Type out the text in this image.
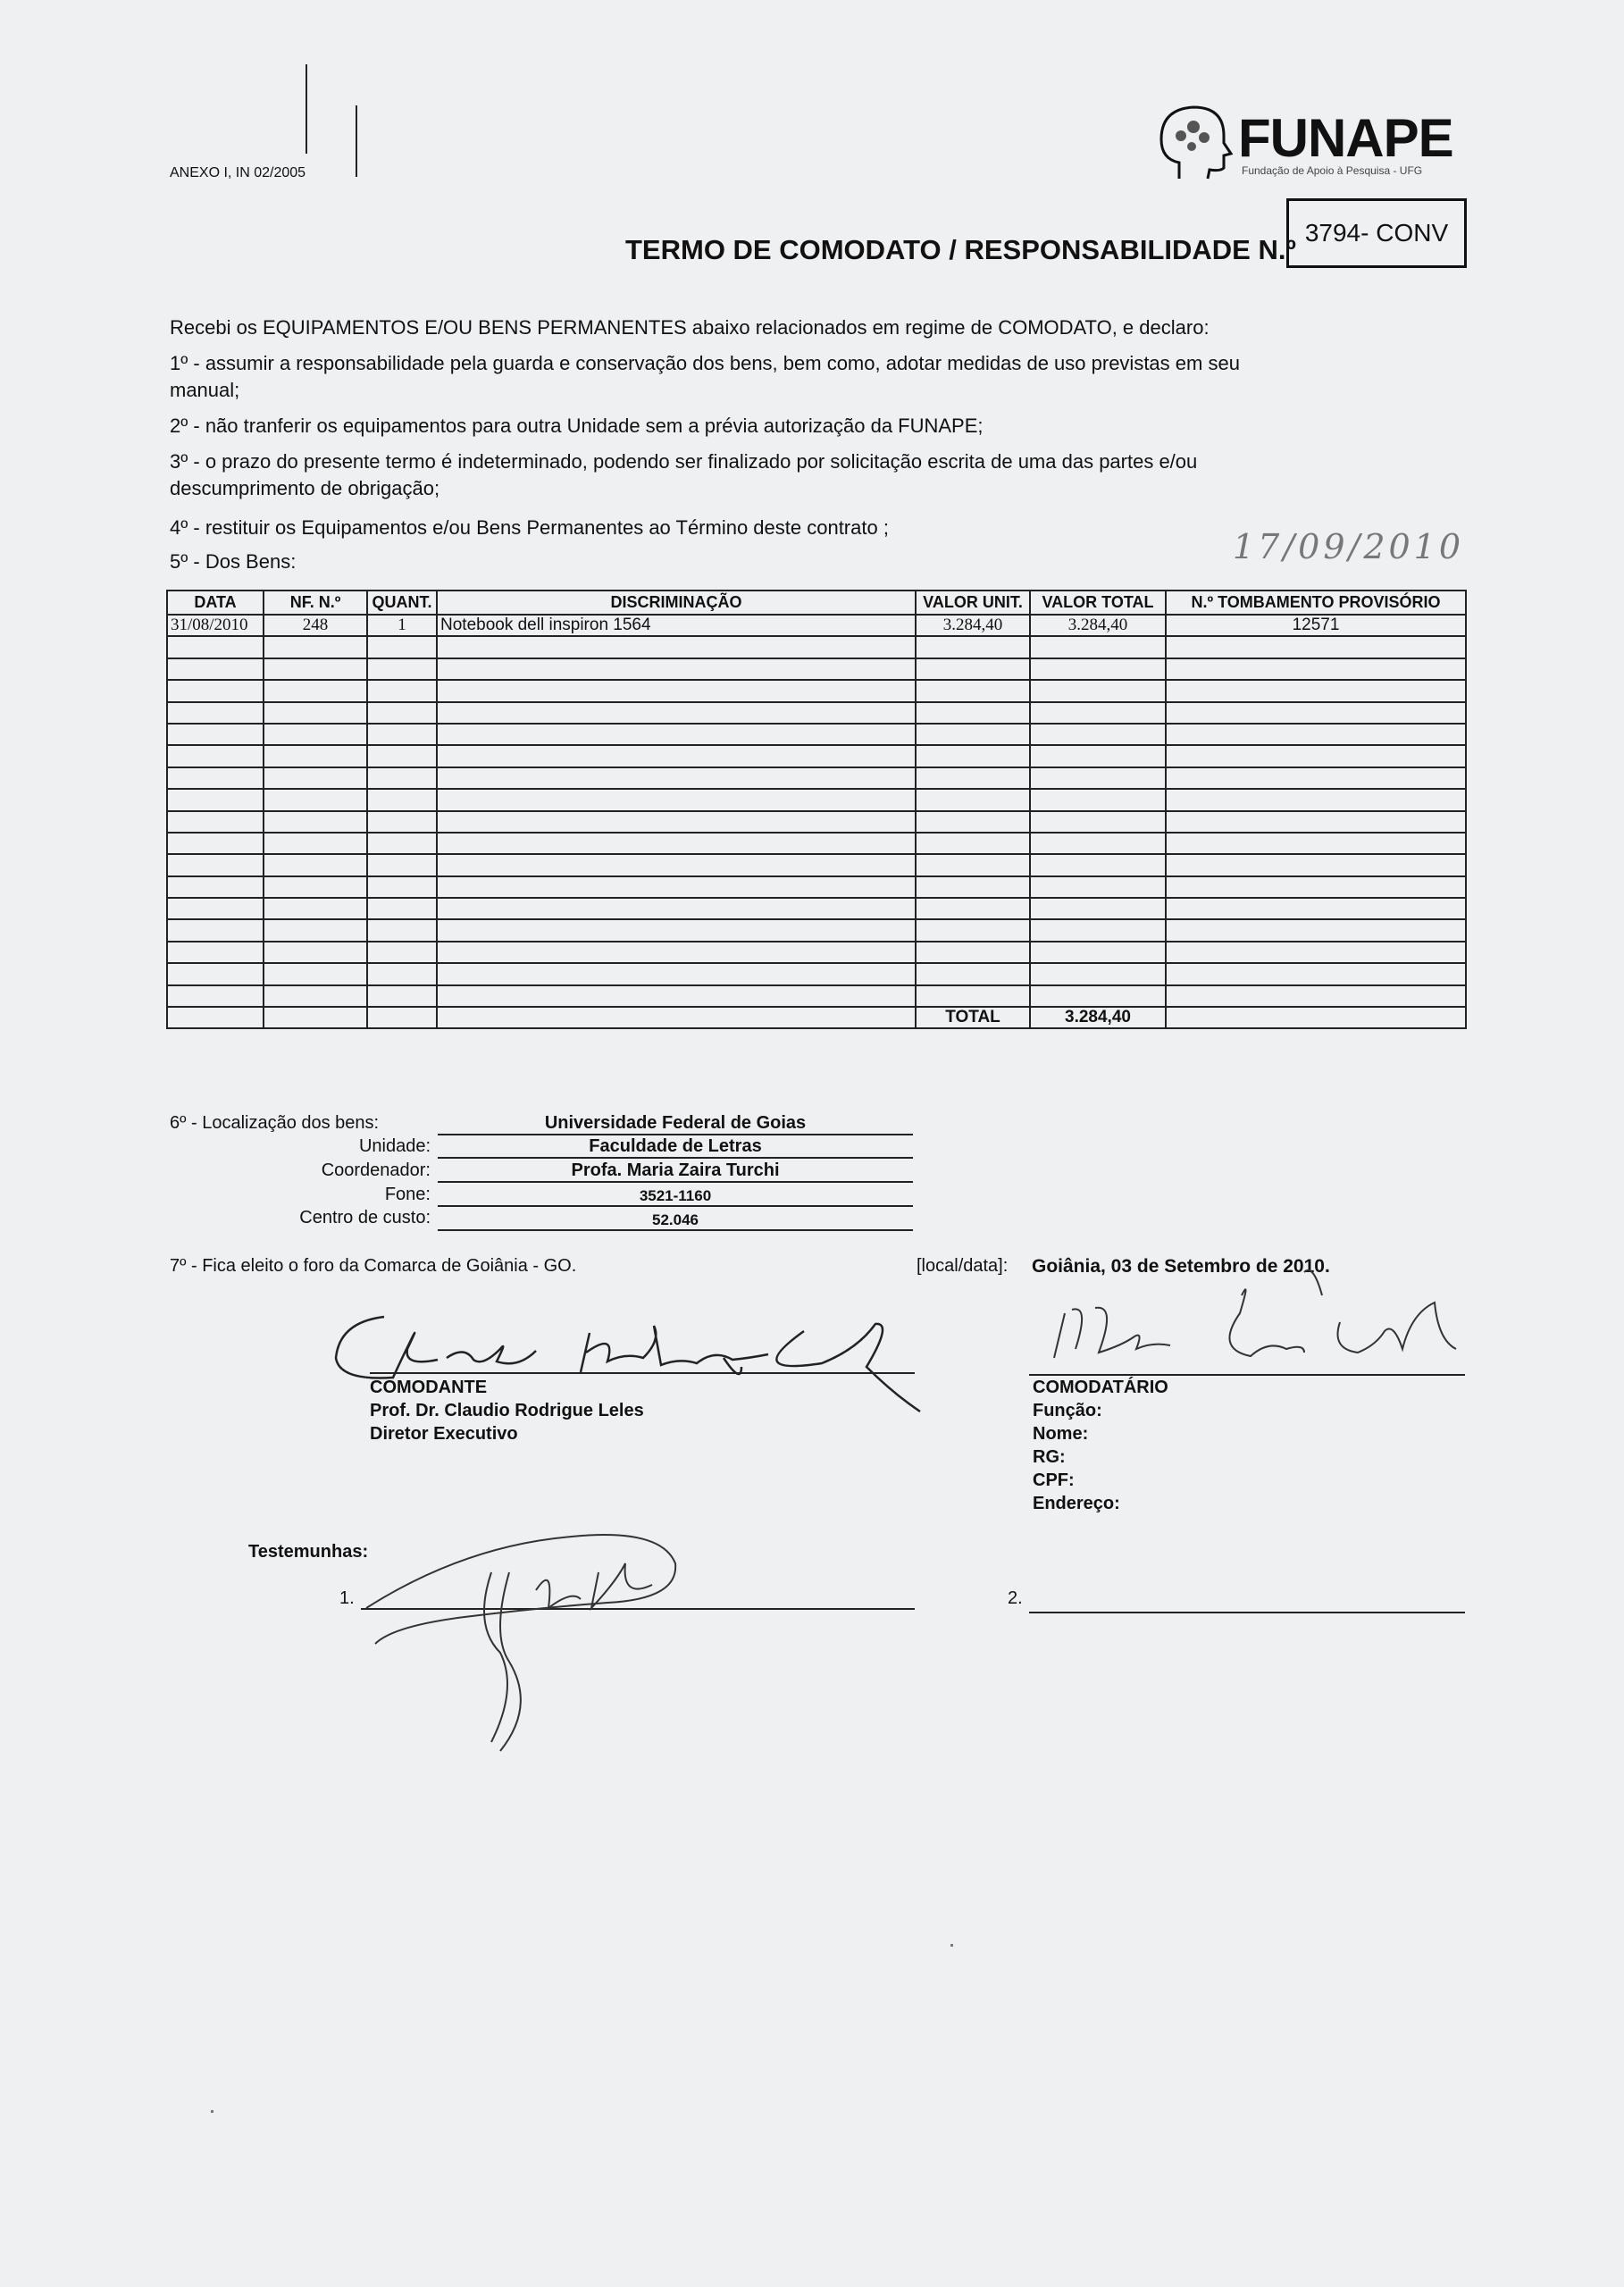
ANEXO I, IN 02/2005
FUNAPE
Fundação de Apoio à Pesquisa - UFG
TERMO DE COMODATO / RESPONSABILIDADE N.º
3794- CONV

Recebi os EQUIPAMENTOS E/OU BENS PERMANENTES abaixo relacionados em regime de COMODATO, e declaro:

1º - assumir a responsabilidade pela guarda e conservação dos bens, bem como, adotar medidas de uso previstas em seu manual;

2º - não tranferir os equipamentos para outra Unidade sem a prévia autorização da FUNAPE;

3º - o prazo do presente termo é indeterminado, podendo ser finalizado por solicitação escrita de uma das partes e/ou descumprimento de obrigação;

4º - restituir os Equipamentos e/ou Bens Permanentes ao Término deste contrato ;

5º - Dos Bens:	17/09/2010
DATA	NF. N.º	QUANT.	DISCRIMINAÇÃO	VALOR UNIT.	VALOR TOTAL	N.º TOMBAMENTO PROVISÓRIO
31/08/2010	248	1	Notebook dell inspiron 1564	3.284,40	3.284,40	12571

				TOTAL	3.284,40	
6º - Localização dos bens:	Universidade Federal de Goias
Unidade:	Faculdade de Letras
Coordenador:	Profa. Maria Zaira Turchi
Fone:	3521-1160
Centro de custo:	52.046
7º - Fica eleito o foro da Comarca de Goiânia - GO.	[local/data]: Goiânia, 03 de Setembro de 2010.
COMODANTE
Prof. Dr. Claudio Rodrigue Leles
Diretor Executivo
COMODATÁRIO
Função:
Nome:
RG:
CPF:
Endereço:
Testemunhas:
1.	2.
